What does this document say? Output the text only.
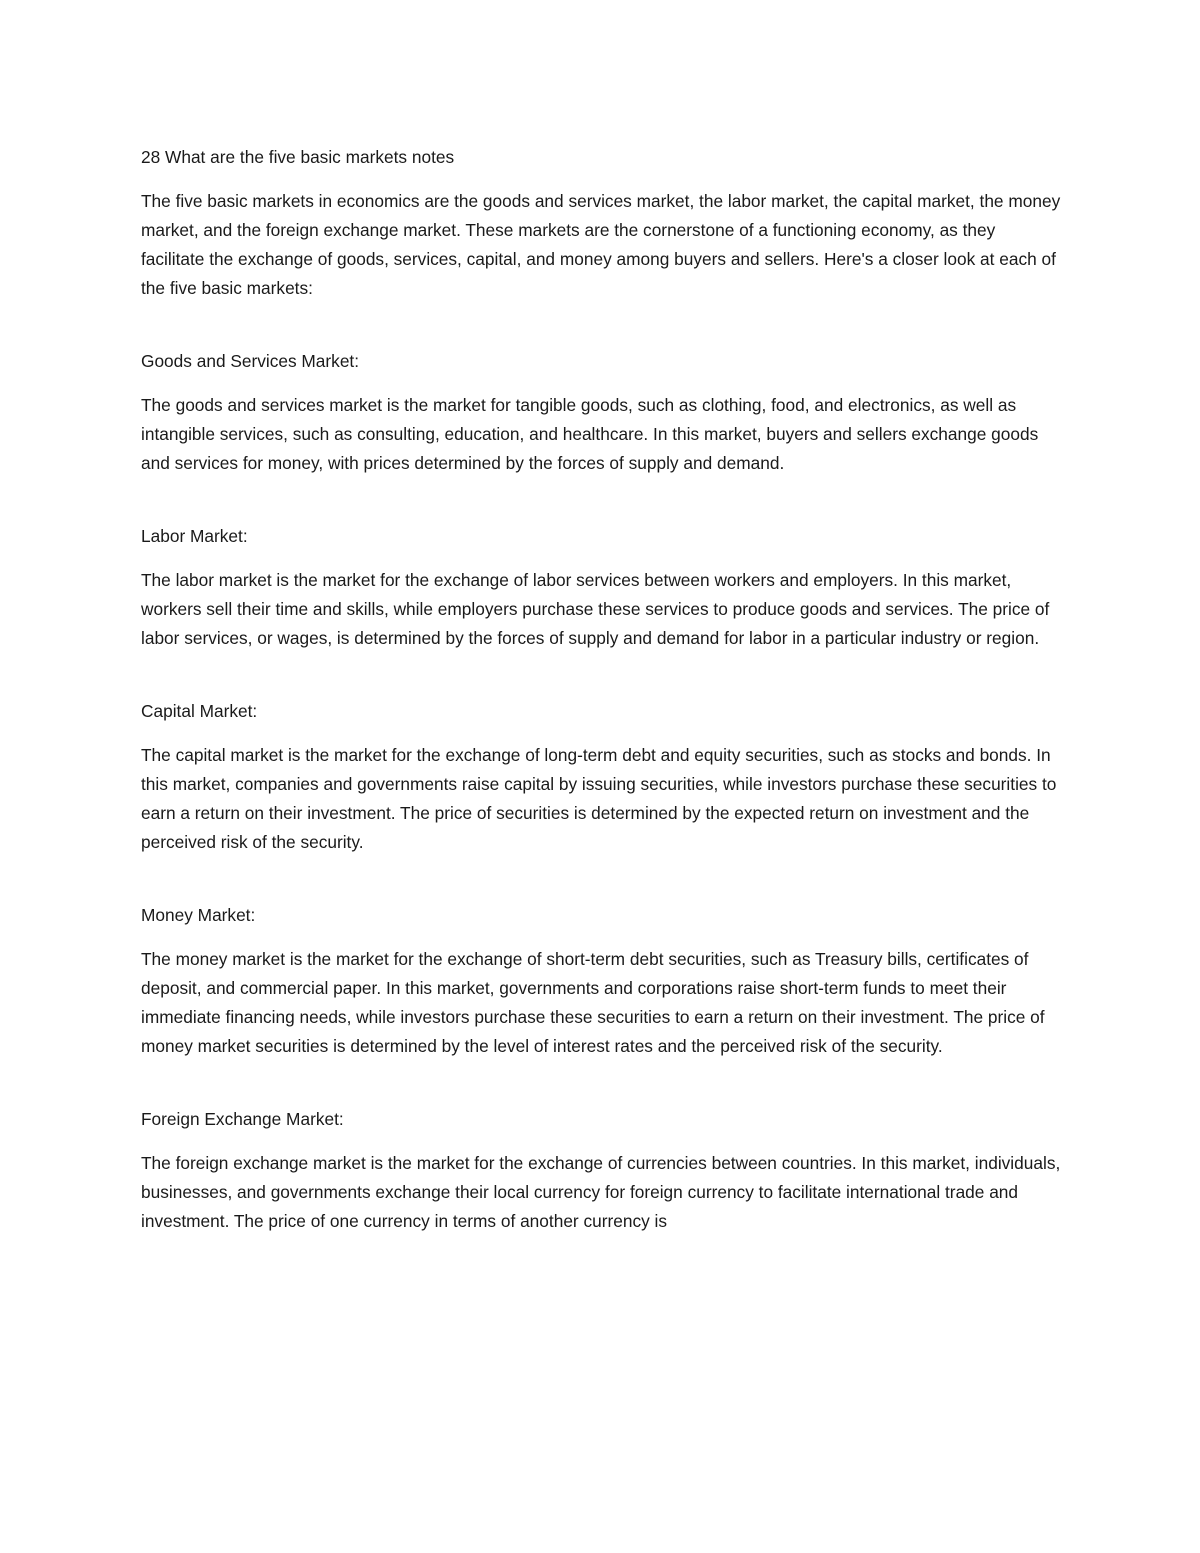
28 What are the five basic markets notes

The five basic markets in economics are the goods and services market, the labor market, the capital market, the money market, and the foreign exchange market. These markets are the cornerstone of a functioning economy, as they facilitate the exchange of goods, services, capital, and money among buyers and sellers. Here's a closer look at each of the five basic markets:

Goods and Services Market:

The goods and services market is the market for tangible goods, such as clothing, food, and electronics, as well as intangible services, such as consulting, education, and healthcare. In this market, buyers and sellers exchange goods and services for money, with prices determined by the forces of supply and demand.

Labor Market:

The labor market is the market for the exchange of labor services between workers and employers. In this market, workers sell their time and skills, while employers purchase these services to produce goods and services. The price of labor services, or wages, is determined by the forces of supply and demand for labor in a particular industry or region.

Capital Market:

The capital market is the market for the exchange of long-term debt and equity securities, such as stocks and bonds. In this market, companies and governments raise capital by issuing securities, while investors purchase these securities to earn a return on their investment. The price of securities is determined by the expected return on investment and the perceived risk of the security.

Money Market:

The money market is the market for the exchange of short-term debt securities, such as Treasury bills, certificates of deposit, and commercial paper. In this market, governments and corporations raise short-term funds to meet their immediate financing needs, while investors purchase these securities to earn a return on their investment. The price of money market securities is determined by the level of interest rates and the perceived risk of the security.

Foreign Exchange Market:

The foreign exchange market is the market for the exchange of currencies between countries. In this market, individuals, businesses, and governments exchange their local currency for foreign currency to facilitate international trade and investment. The price of one currency in terms of another currency is
